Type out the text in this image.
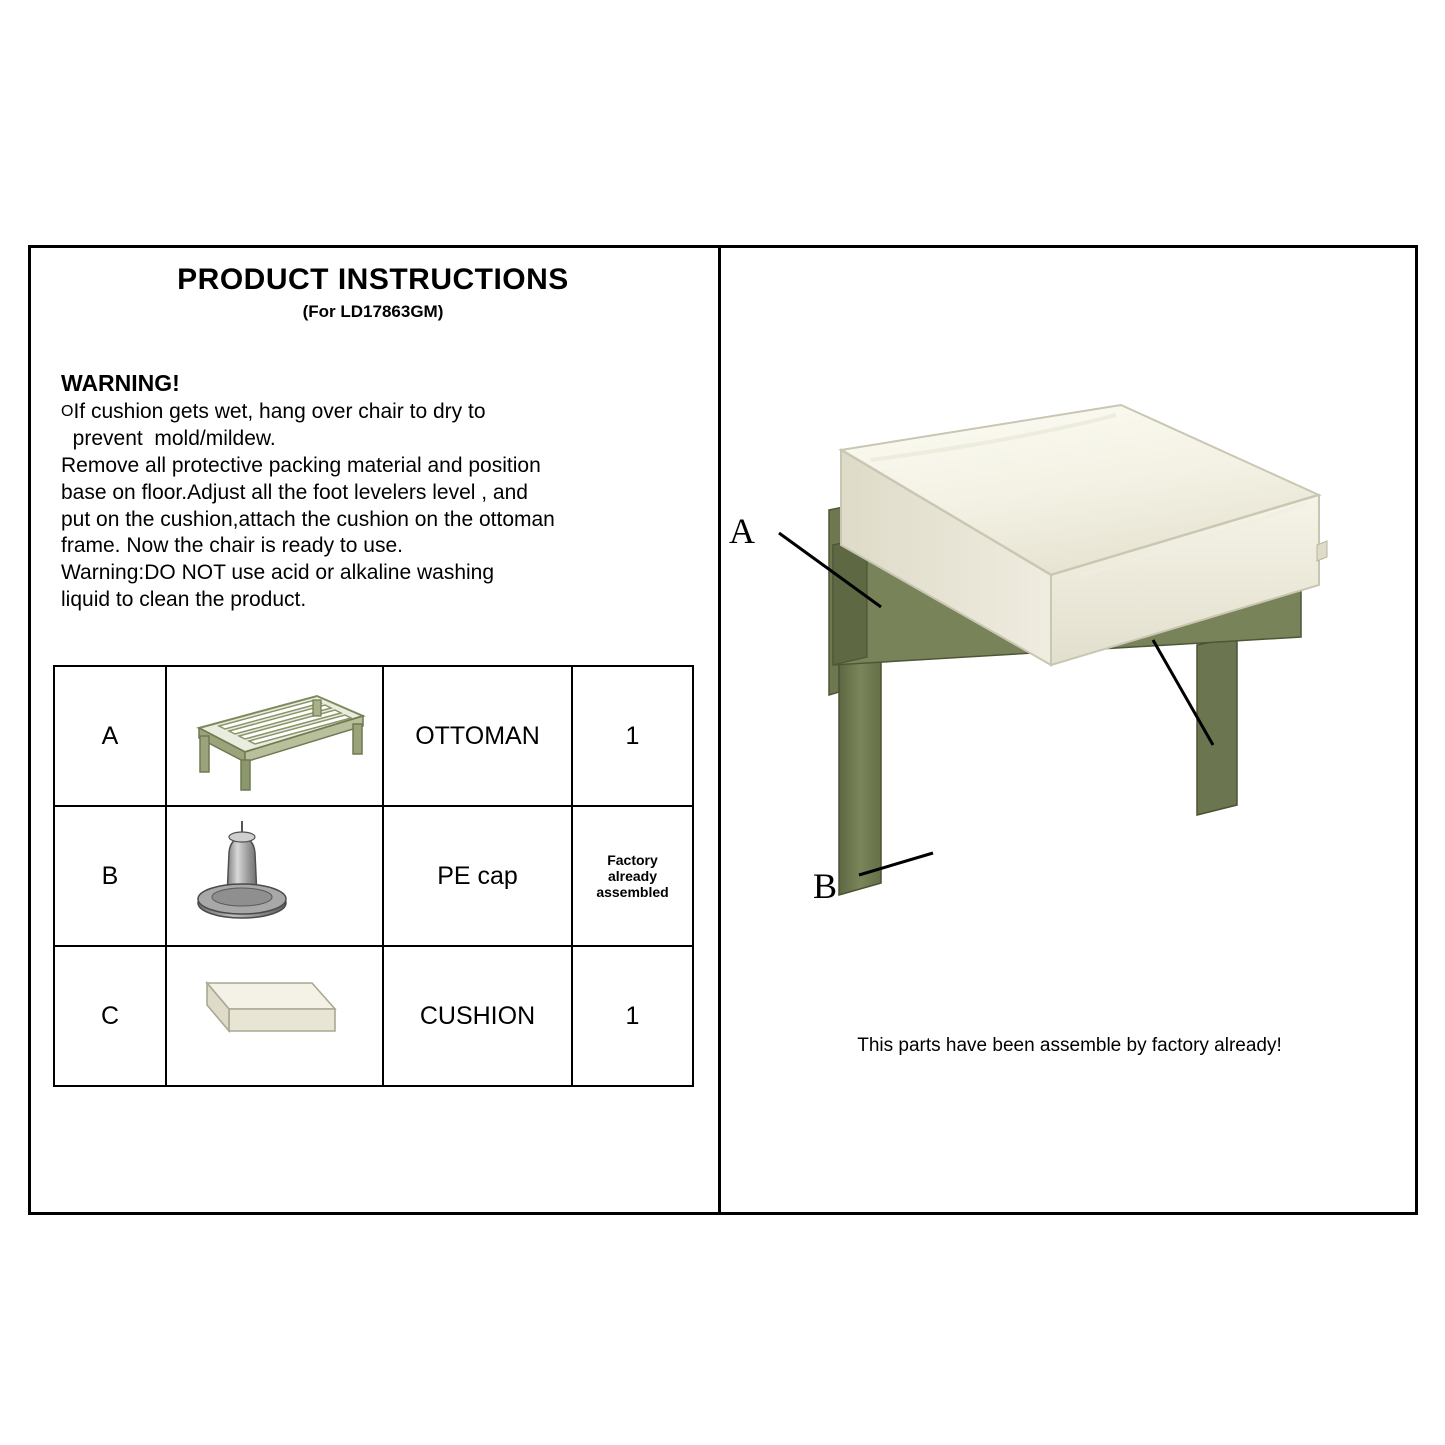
PRODUCT INSTRUCTIONS
(For LD17863GM)
WARNING!
OIf cushion gets wet, hang over chair to dry to
prevent  mold/mildew.
Remove all protective packing material and position
base on floor.Adjust all the foot levelers level , and
put on the cushion,attach the cushion on the ottoman
frame. Now the chair is ready to use.
Warning:DO NOT use acid or alkaline washing
liquid to clean the product.
A		OTTOMAN	1
B		PE cap	Factory
already
assembled

C		CUSHION	1
A
B
This parts have been assemble by factory already!
